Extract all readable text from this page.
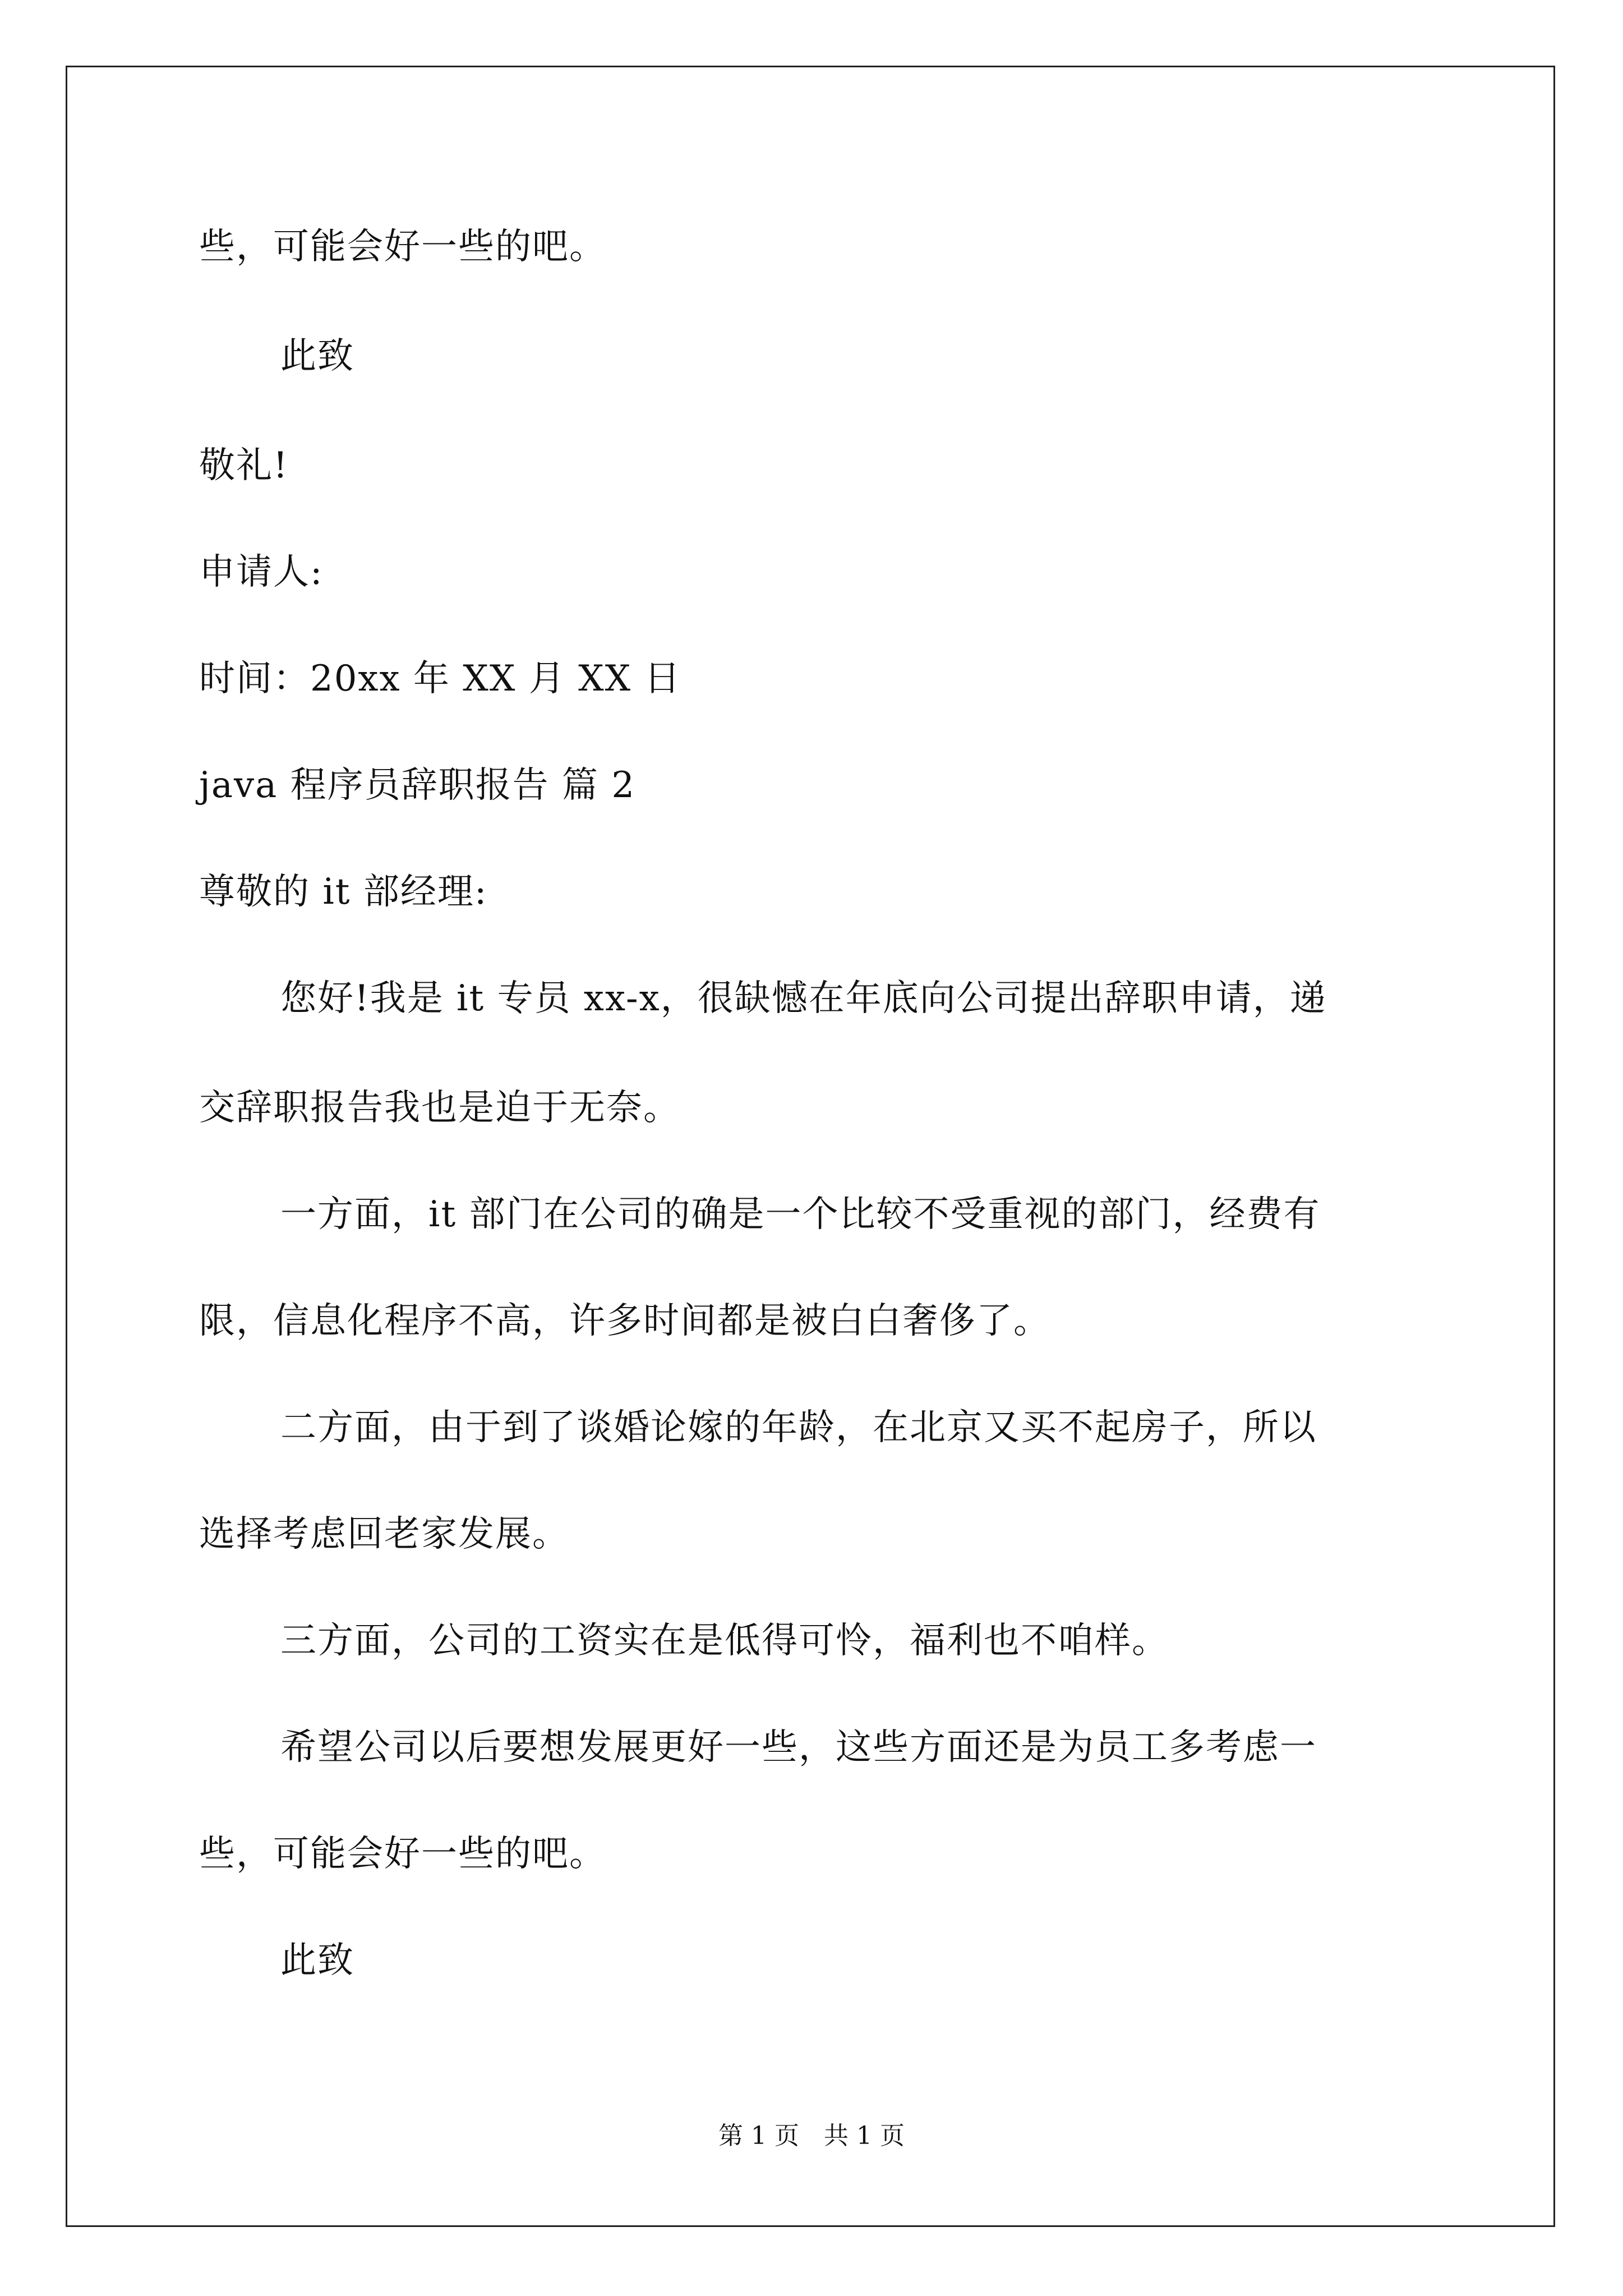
些，可能会好一些的吧。
此致
敬礼!
申请人:
时间：20xx 年 XX 月 XX 日
java 程序员辞职报告 篇 2
尊敬的 it 部经理:
您好!我是 it 专员 xx-x，很缺憾在年底向公司提出辞职申请，递
交辞职报告我也是迫于无奈。
一方面，it 部门在公司的确是一个比较不受重视的部门，经费有
限，信息化程序不高，许多时间都是被白白奢侈了。
二方面，由于到了谈婚论嫁的年龄，在北京又买不起房子，所以
选择考虑回老家发展。
三方面，公司的工资实在是低得可怜，福利也不咱样。
希望公司以后要想发展更好一些，这些方面还是为员工多考虑一
些，可能会好一些的吧。
此致
第 1 页　共 1 页
